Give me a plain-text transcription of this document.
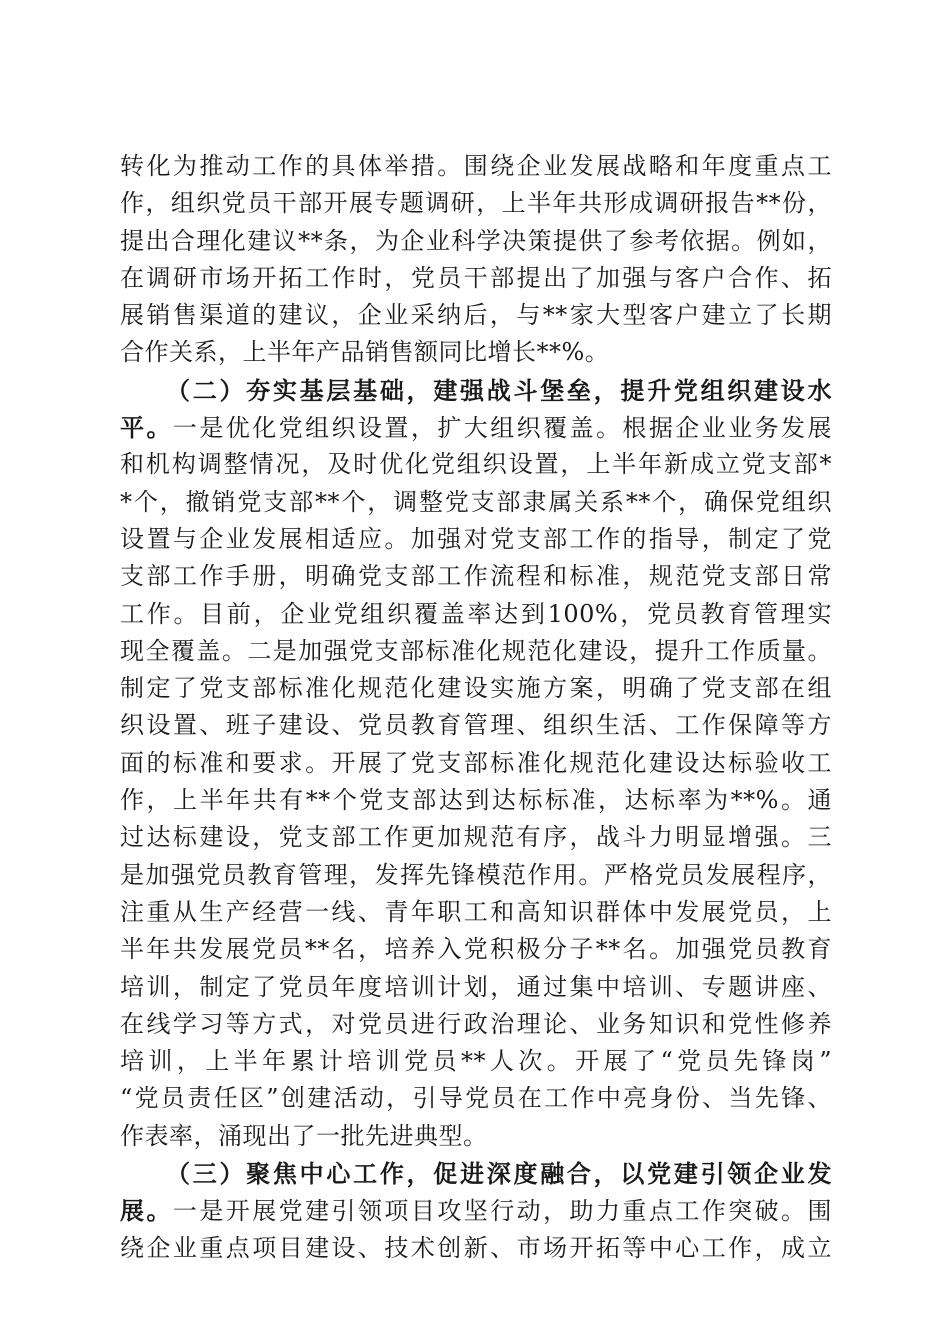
转化为推动工作的具体举措。围绕企业发展战略和年度重点工
作，组织党员干部开展专题调研，上半年共形成调研报告**份，
提出合理化建议**条，为企业科学决策提供了参考依据。例如，
在调研市场开拓工作时，党员干部提出了加强与客户合作、拓
展销售渠道的建议，企业采纳后，与**家大型客户建立了长期
合作关系，上半年产品销售额同比增长**%。
（二）夯实基层基础，建强战斗堡垒，提升党组织建设水
平。一是优化党组织设置，扩大组织覆盖。根据企业业务发展
和机构调整情况，及时优化党组织设置，上半年新成立党支部*
*个，撤销党支部**个，调整党支部隶属关系**个，确保党组织
设置与企业发展相适应。加强对党支部工作的指导，制定了党
支部工作手册，明确党支部工作流程和标准，规范党支部日常
工作。目前，企业党组织覆盖率达到100%，党员教育管理实
现全覆盖。二是加强党支部标准化规范化建设，提升工作质量。
制定了党支部标准化规范化建设实施方案，明确了党支部在组
织设置、班子建设、党员教育管理、组织生活、工作保障等方
面的标准和要求。开展了党支部标准化规范化建设达标验收工
作，上半年共有**个党支部达到达标标准，达标率为**%。通
过达标建设，党支部工作更加规范有序，战斗力明显增强。三
是加强党员教育管理，发挥先锋模范作用。严格党员发展程序，
注重从生产经营一线、青年职工和高知识群体中发展党员，上
半年共发展党员**名，培养入党积极分子**名。加强党员教育
培训，制定了党员年度培训计划，通过集中培训、专题讲座、
在线学习等方式，对党员进行政治理论、业务知识和党性修养
培训，上半年累计培训党员**人次。开展了“党员先锋岗”
“党员责任区”创建活动，引导党员在工作中亮身份、当先锋、
作表率，涌现出了一批先进典型。
（三）聚焦中心工作，促进深度融合，以党建引领企业发
展。一是开展党建引领项目攻坚行动，助力重点工作突破。围
绕企业重点项目建设、技术创新、市场开拓等中心工作，成立
